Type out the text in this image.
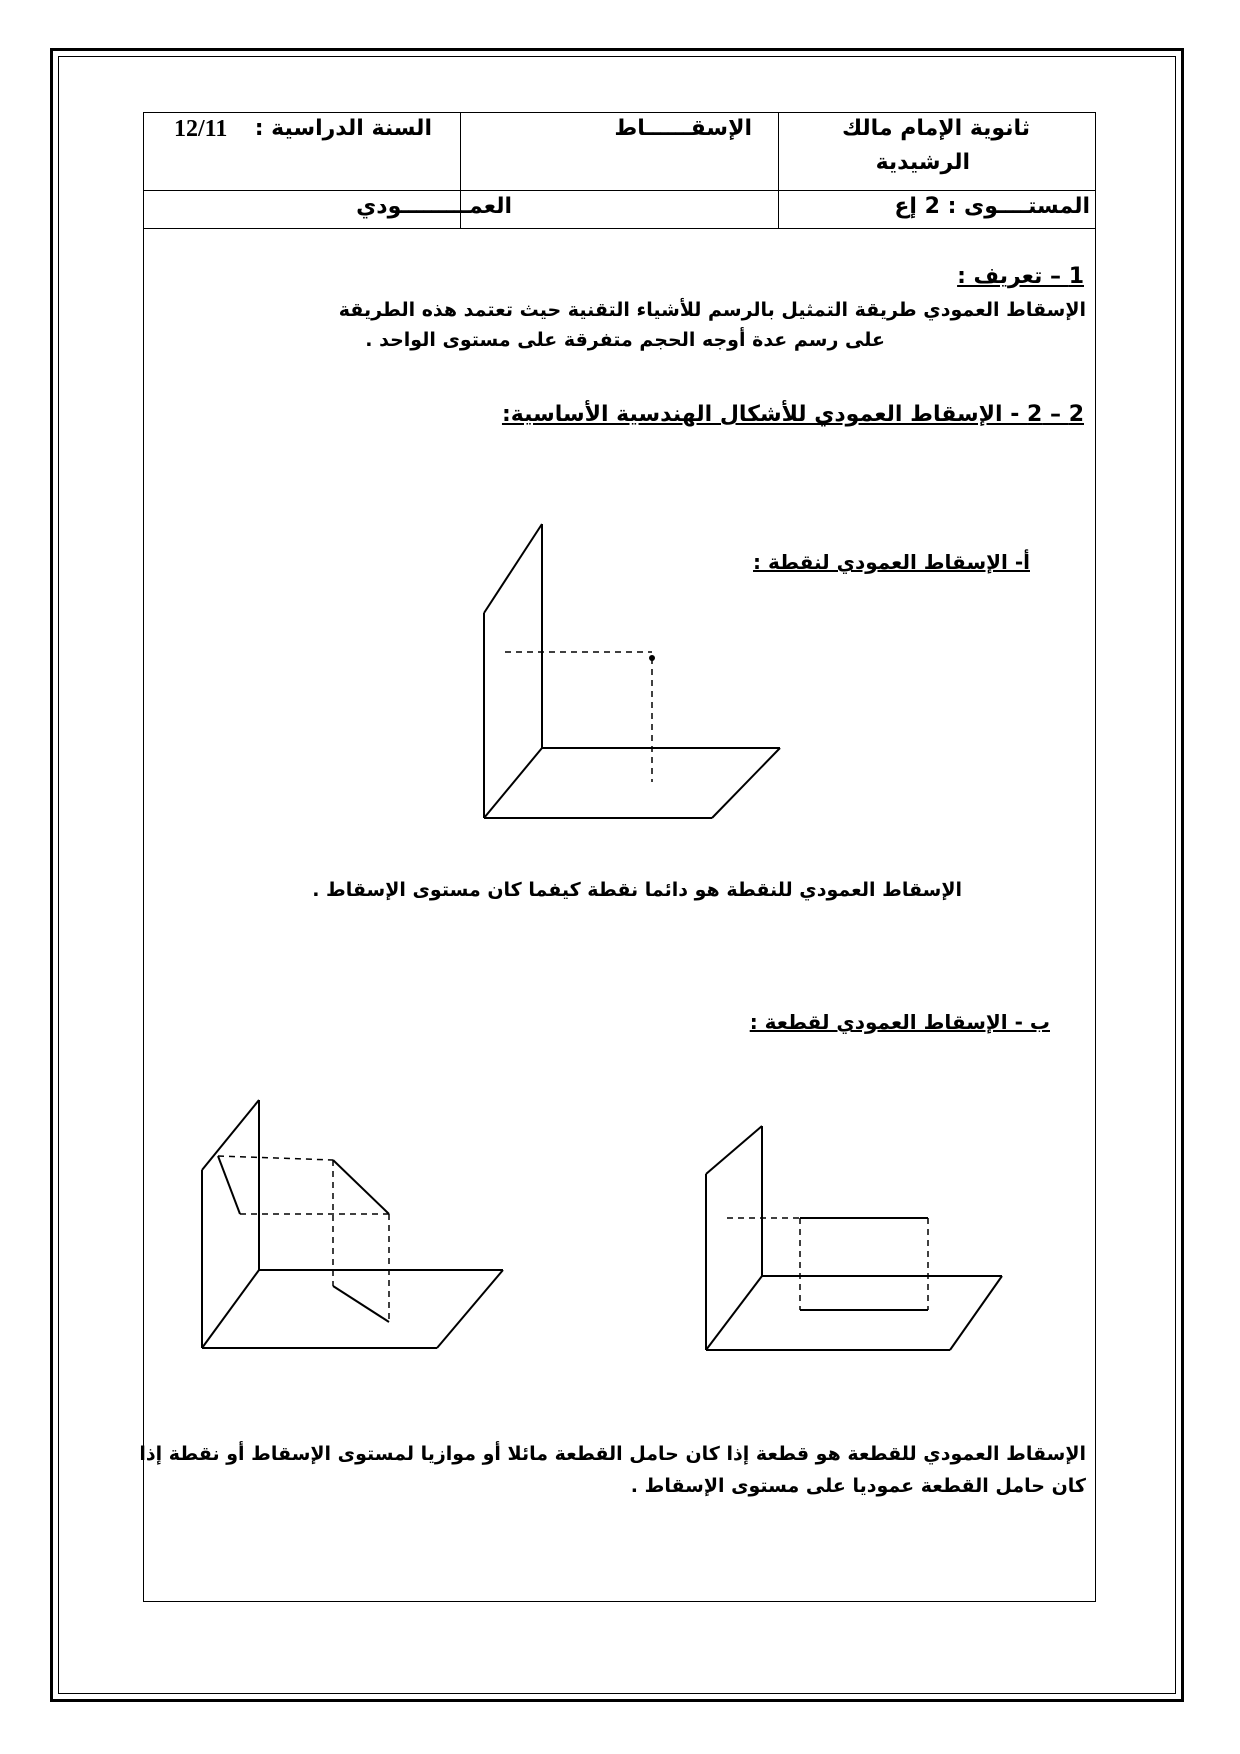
ثانوية الإمام مالك
الرشيدية
المستــــوى : 2 إع
الإسقــــــاط
العمـــــــــودي
السنة الدراسية :
12/11
1 – تعريف :
الإسقاط العمودي طريقة التمثيل بالرسم للأشياء التقنية حيث تعتمد هذه الطريقة
على رسم عدة أوجه الحجم متفرقة على مستوى الواحد .
2 – 2 - الإسقاط العمودي للأشكال الهندسية الأساسية:
أ- الإسقاط العمودي لنقطة :
الإسقاط العمودي للنقطة هو دائما نقطة كيفما كان مستوى الإسقاط .
ب - الإسقاط العمودي لقطعة :
الإسقاط العمودي للقطعة هو قطعة إذا كان حامل القطعة مائلا أو موازيا لمستوى الإسقاط أو نقطة إذا
كان حامل القطعة عموديا على مستوى الإسقاط .
